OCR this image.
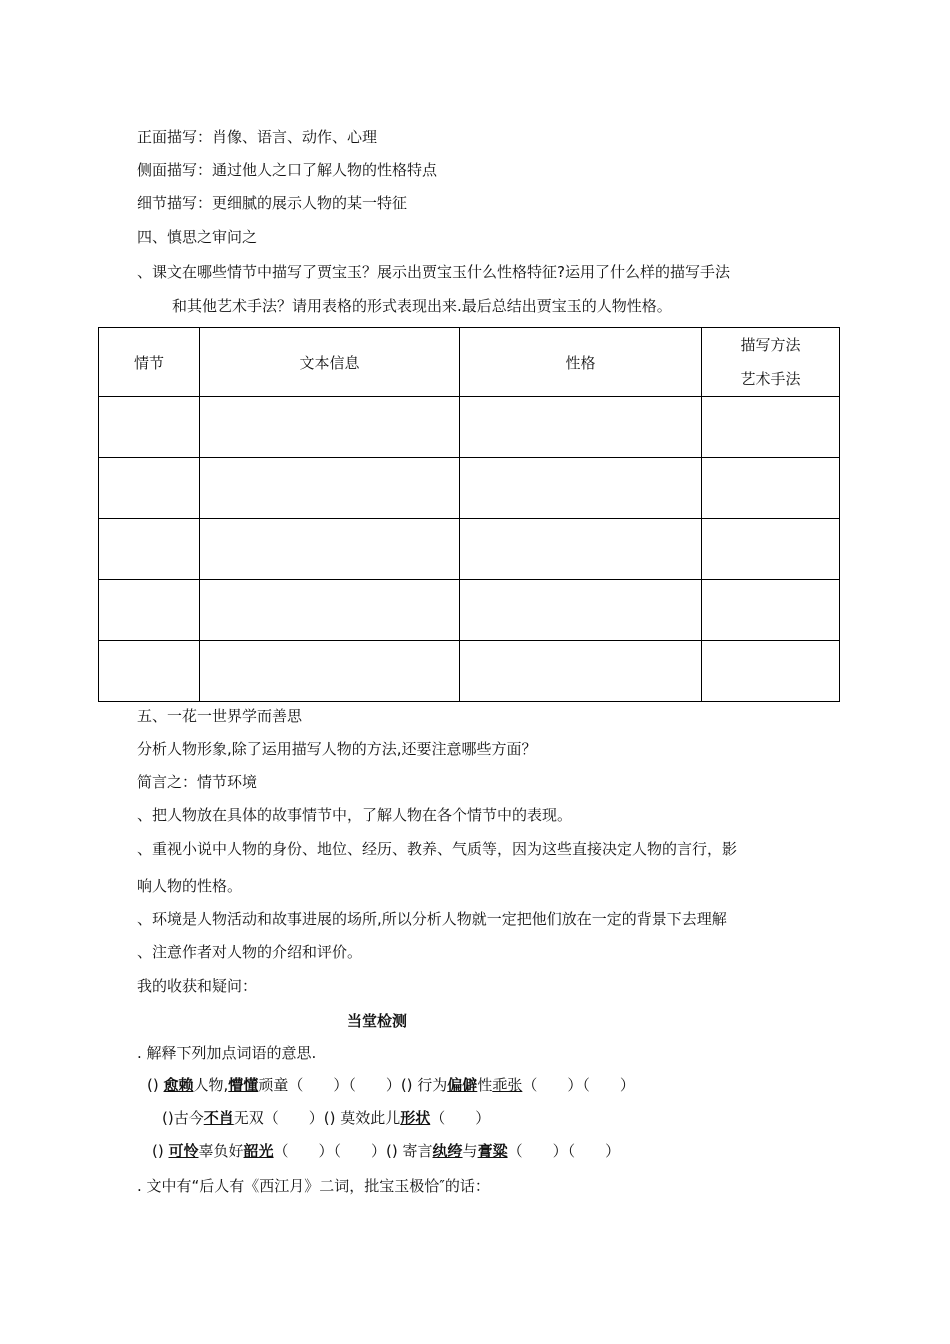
正面描写：肖像、语言、动作、心理
侧面描写：通过他人之口了解人物的性格特点
细节描写：更细腻的展示人物的某一特征
四、慎思之审问之
、课文在哪些情节中描写了贾宝玉？展示出贾宝玉什么性格特征?运用了什么样的描写手法
和其他艺术手法？请用表格的形式表现出来.最后总结出贾宝玉的人物性格。
情节	文本信息	性格	描写方法
艺术手法

五、一花一世界学而善思
分析人物形象,除了运用描写人物的方法,还要注意哪些方面？
简言之：情节环境
、把人物放在具体的故事情节中，了解人物在各个情节中的表现。
、重视小说中人物的身份、地位、经历、教养、气质等，因为这些直接决定人物的言行，影
响人物的性格。
、环境是人物活动和故事进展的场所,所以分析人物就一定把他们放在一定的背景下去理解
、注意作者对人物的介绍和评价。
我的收获和疑问：
当堂检测
. 解释下列加点词语的意思.
() 愈赖人物,懵懂顽童（　　）（　　）() 行为偏僻性乖张（　　）（　　）
()古今不肖无双（　　）() 莫效此儿形状（　　）
() 可怜辜负好韶光（　　）（　　）() 寄言纨绔与膏粱（　　）（　　）
. 文中有“后人有《西江月》二词，批宝玉极恰″的话：
